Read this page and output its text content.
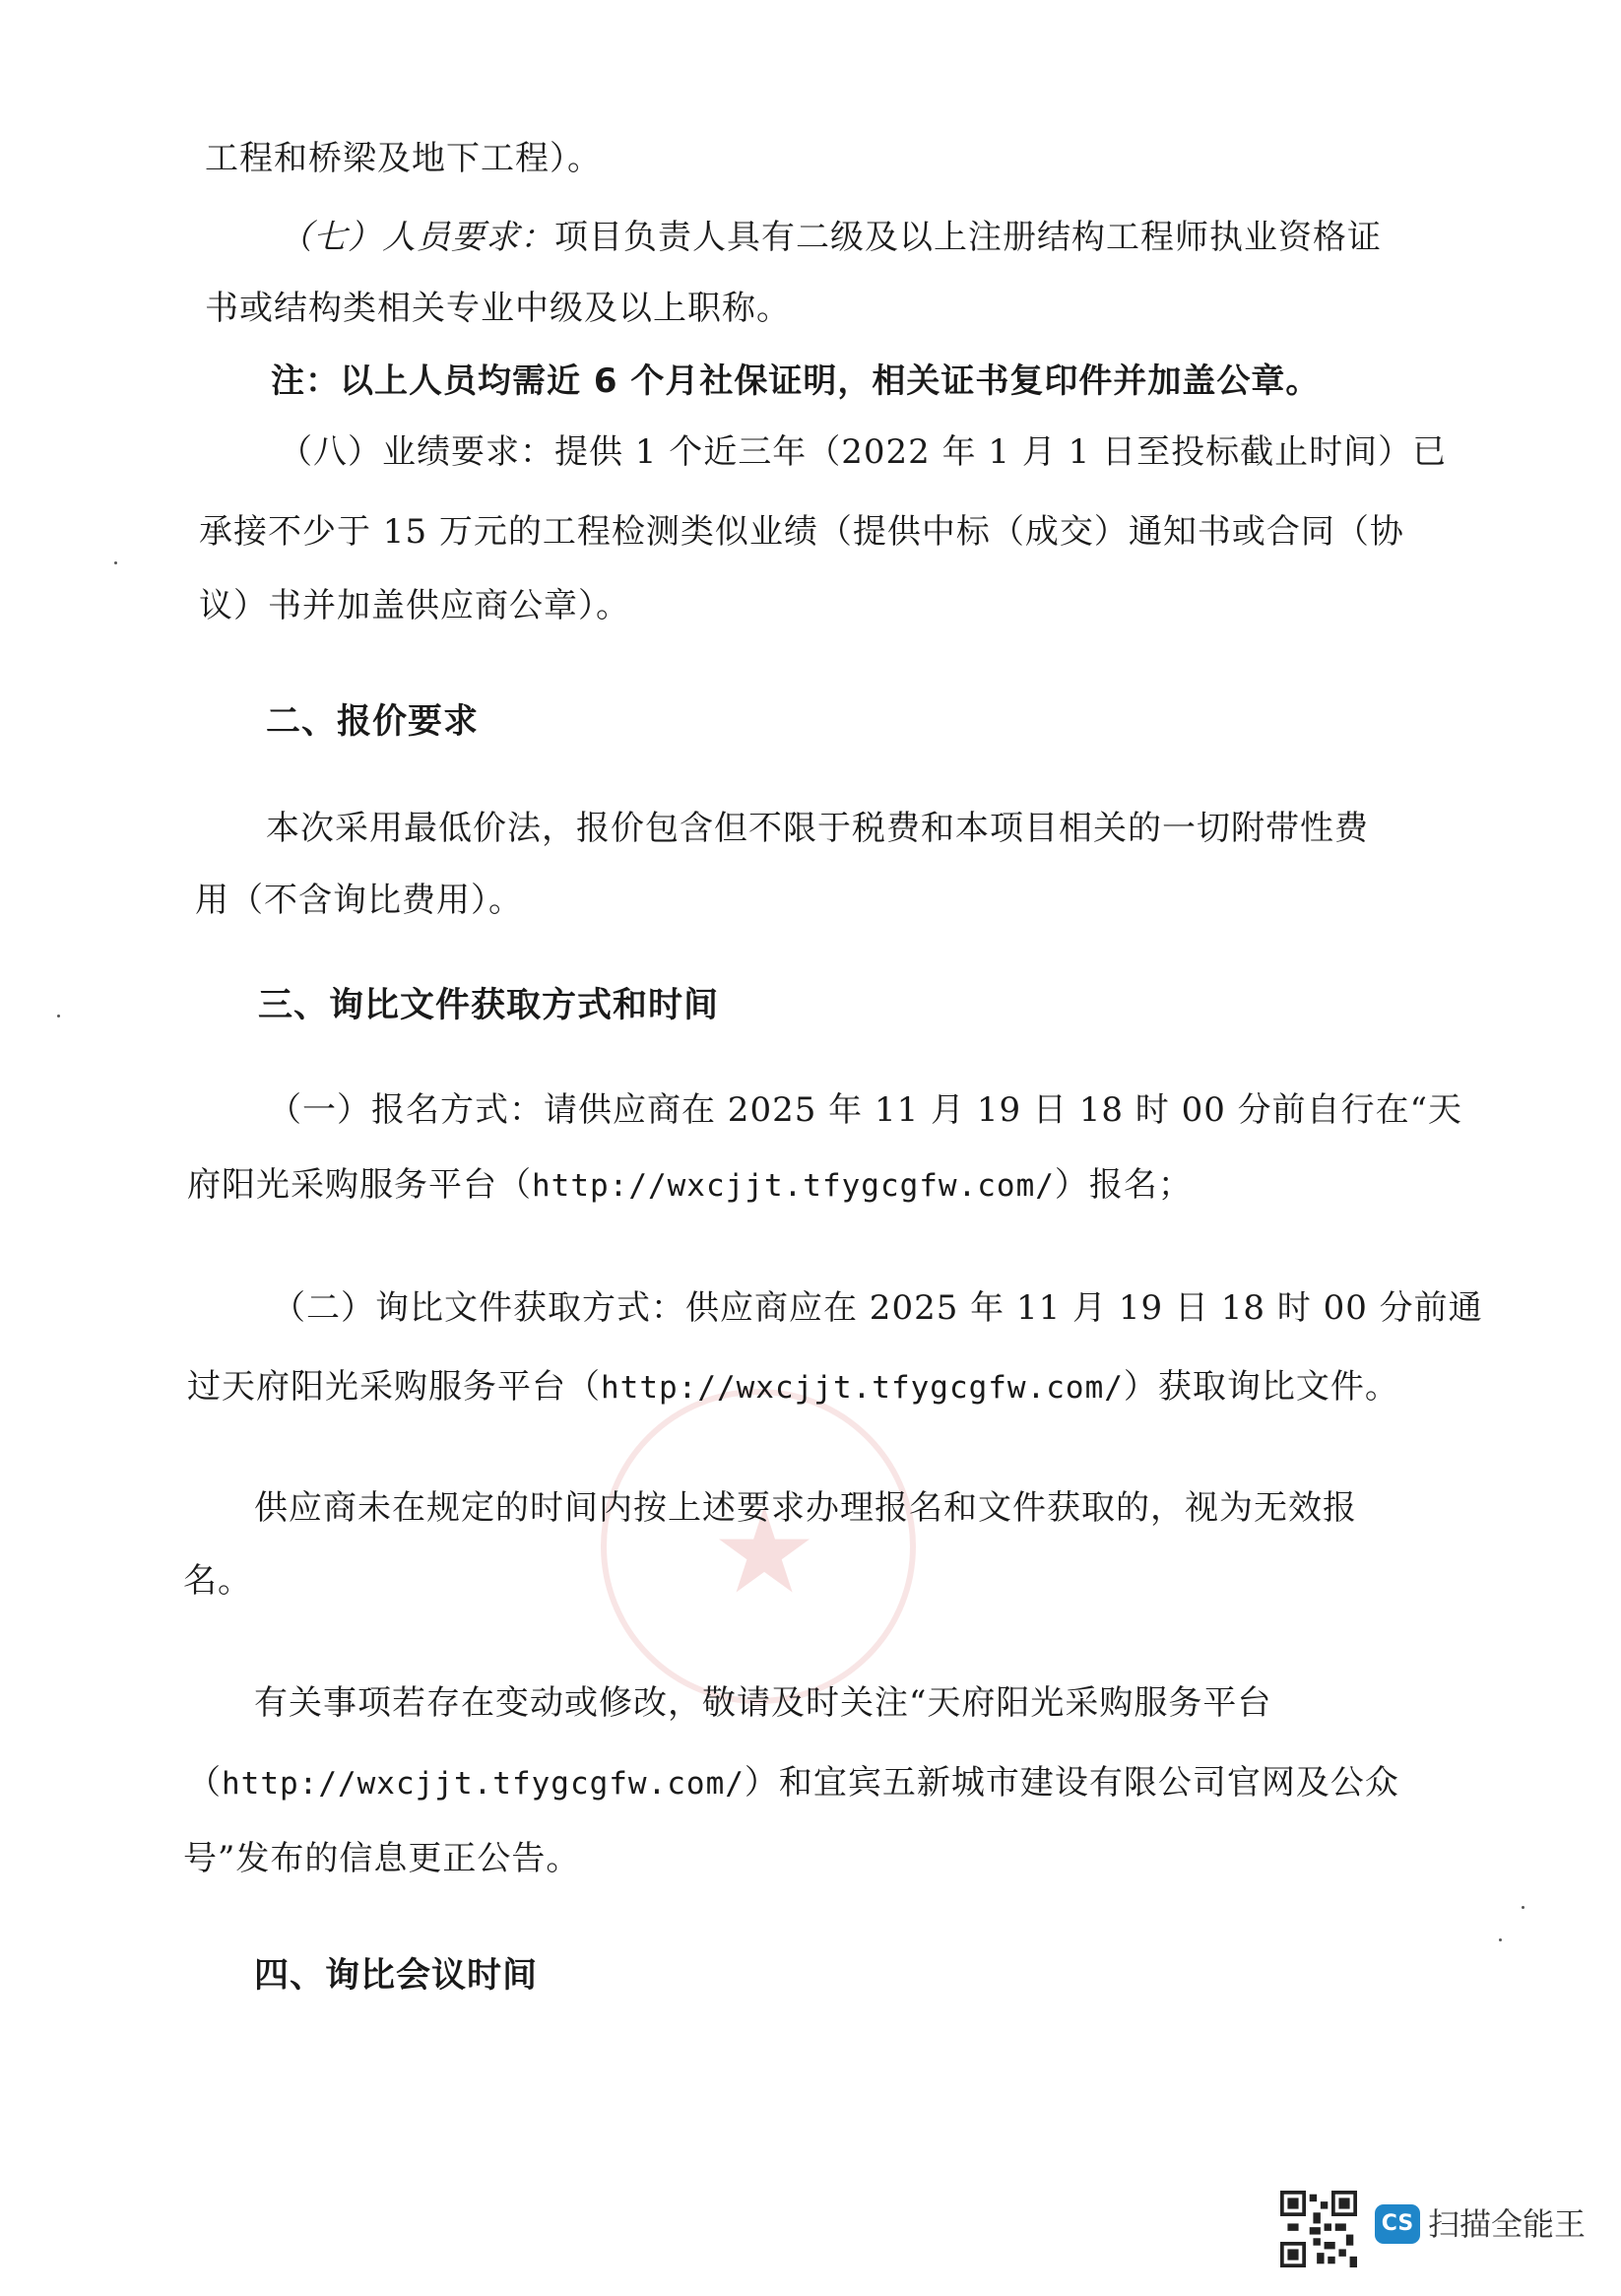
★
工程和桥梁及地下工程）。
（七）人员要求：项目负责人具有二级及以上注册结构工程师执业资格证
书或结构类相关专业中级及以上职称。
注：以上人员均需近 6 个月社保证明，相关证书复印件并加盖公章。
（八）业绩要求：提供 1 个近三年（2022 年 1 月 1 日至投标截止时间）已
承接不少于 15 万元的工程检测类似业绩（提供中标（成交）通知书或合同（协
议）书并加盖供应商公章）。
二、报价要求
本次采用最低价法，报价包含但不限于税费和本项目相关的一切附带性费
用（不含询比费用）。
三、询比文件获取方式和时间
（一）报名方式：请供应商在 2025 年 11 月 19 日 18 时 00 分前自行在“天
府阳光采购服务平台（http://wxcjjt.tfygcgfw.com/）报名；
（二）询比文件获取方式：供应商应在 2025 年 11 月 19 日 18 时 00 分前通
过天府阳光采购服务平台（http://wxcjjt.tfygcgfw.com/）获取询比文件。
供应商未在规定的时间内按上述要求办理报名和文件获取的，视为无效报
名。
有关事项若存在变动或修改，敬请及时关注“天府阳光采购服务平台
（http://wxcjjt.tfygcgfw.com/）和宜宾五新城市建设有限公司官网及公众
号”发布的信息更正公告。
四、询比会议时间
CS 扫描全能王
